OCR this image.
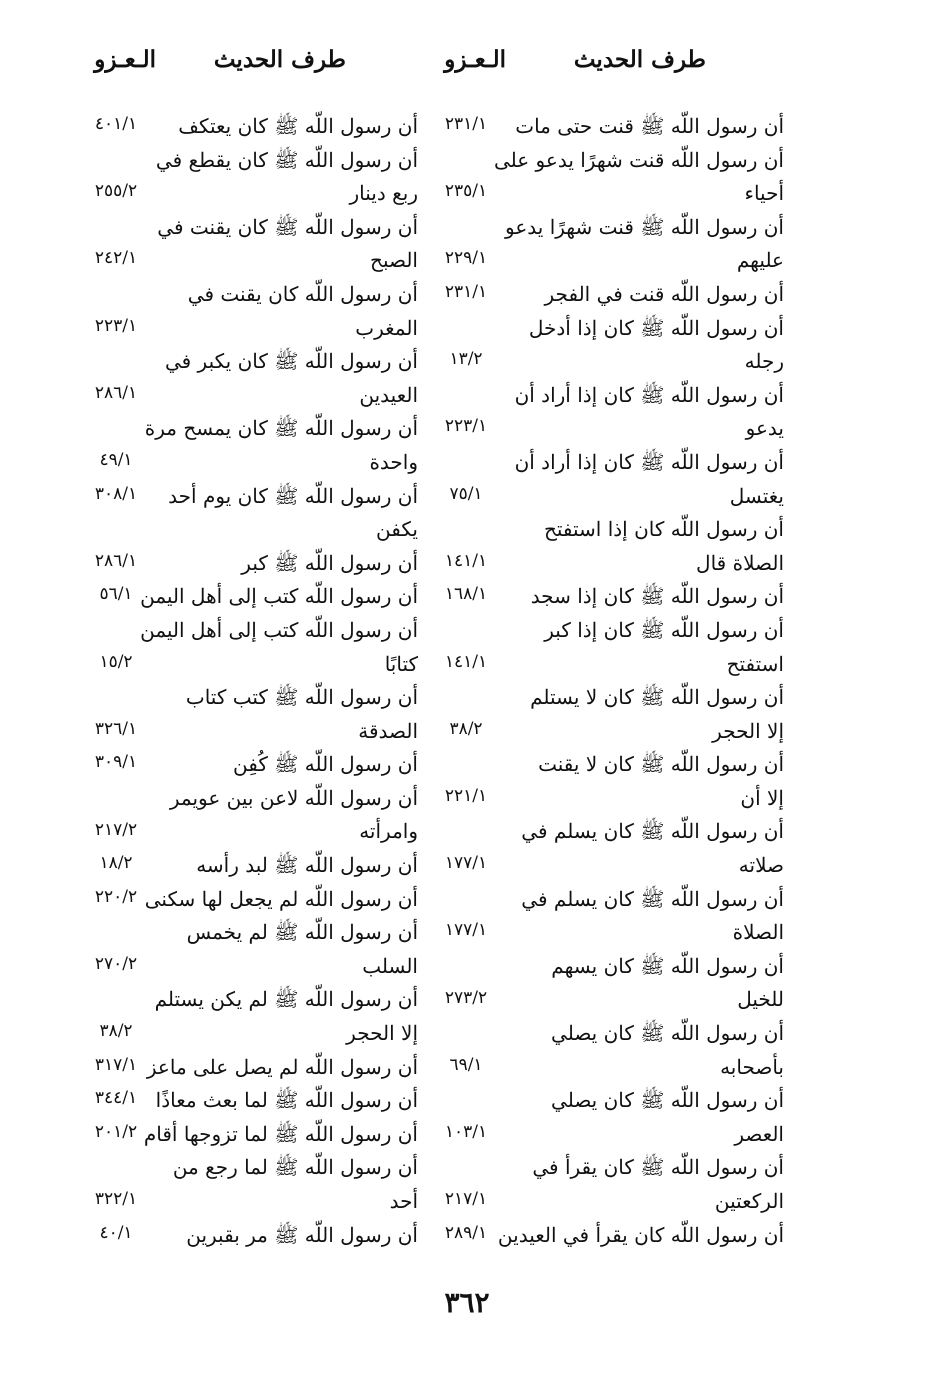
طرف الحديث
الـعـزو
طرف الحديث
الـعـزو
أن رسول اللّه ﷺ قنت حتى مات
أن رسول اللّه قنت شهرًا يدعو على
أحياء
أن رسول اللّه ﷺ قنت شهرًا يدعو
عليهم
أن رسول اللّه قنت في الفجر
أن رسول اللّه ﷺ كان إذا أدخل
رجله
أن رسول اللّه ﷺ كان إذا أراد أن
يدعو
أن رسول اللّه ﷺ كان إذا أراد أن
يغتسل
أن رسول اللّه كان إذا استفتح
الصلاة قال
أن رسول اللّه ﷺ كان إذا سجد
أن رسول اللّه ﷺ كان إذا كبر
استفتح
أن رسول اللّه ﷺ كان لا يستلم
إلا الحجر
أن رسول اللّه ﷺ كان لا يقنت
إلا أن
أن رسول اللّه ﷺ كان يسلم في
صلاته
أن رسول اللّه ﷺ كان يسلم في
الصلاة
أن رسول اللّه ﷺ كان يسهم
للخيل
أن رسول اللّه ﷺ كان يصلي
بأصحابه
أن رسول اللّه ﷺ كان يصلي
العصر
أن رسول اللّه ﷺ كان يقرأ في
الركعتين
أن رسول اللّه كان يقرأ في العيدين
أن رسول اللّه ﷺ كان يعتكف
أن رسول اللّه ﷺ كان يقطع في
ربع دينار
أن رسول اللّه ﷺ كان يقنت في
الصبح
أن رسول اللّه كان يقنت في
المغرب
أن رسول اللّه ﷺ كان يكبر في
العيدين
أن رسول اللّه ﷺ كان يمسح مرة
واحدة
أن رسول اللّه ﷺ كان يوم أحد
يكفن
أن رسول اللّه ﷺ كبر
أن رسول اللّه كتب إلى أهل اليمن
أن رسول اللّه كتب إلى أهل اليمن
كتابًا
أن رسول اللّه ﷺ كتب كتاب
الصدقة
أن رسول اللّه ﷺ كُفِن
أن رسول اللّه لاعن بين عويمر
وامرأته
أن رسول اللّه ﷺ لبد رأسه
أن رسول اللّه لم يجعل لها سكنى
أن رسول اللّه ﷺ لم يخمس
السلب
أن رسول اللّه ﷺ لم يكن يستلم
إلا الحجر
أن رسول اللّه لم يصل على ماعز
أن رسول اللّه ﷺ لما بعث معاذًا
أن رسول اللّه ﷺ لما تزوجها أقام
أن رسول اللّه ﷺ لما رجع من
أحد
أن رسول اللّه ﷺ مر بقبرين
٢٣١/١
٢٣٥/١
٢٢٩/١
٢٣١/١
١٣/٢
٢٢٣/١
٧٥/١
١٤١/١
١٦٨/١
١٤١/١
٣٨/٢
٢٢١/١
١٧٧/١
١٧٧/١
٢٧٣/٢
٦٩/١
١٠٣/١
٢١٧/١
٢٨٩/١
٤٠١/١
٢٥٥/٢
٢٤٢/١
٢٢٣/١
٢٨٦/١
٤٩/١
٣٠٨/١
٢٨٦/١
٥٦/١
١٥/٢
٣٢٦/١
٣٠٩/١
٢١٧/٢
١٨/٢
٢٢٠/٢
٢٧٠/٢
٣٨/٢
٣١٧/١
٣٤٤/١
٢٠١/٢
٣٢٢/١
٤٠/١
٣٦٢
